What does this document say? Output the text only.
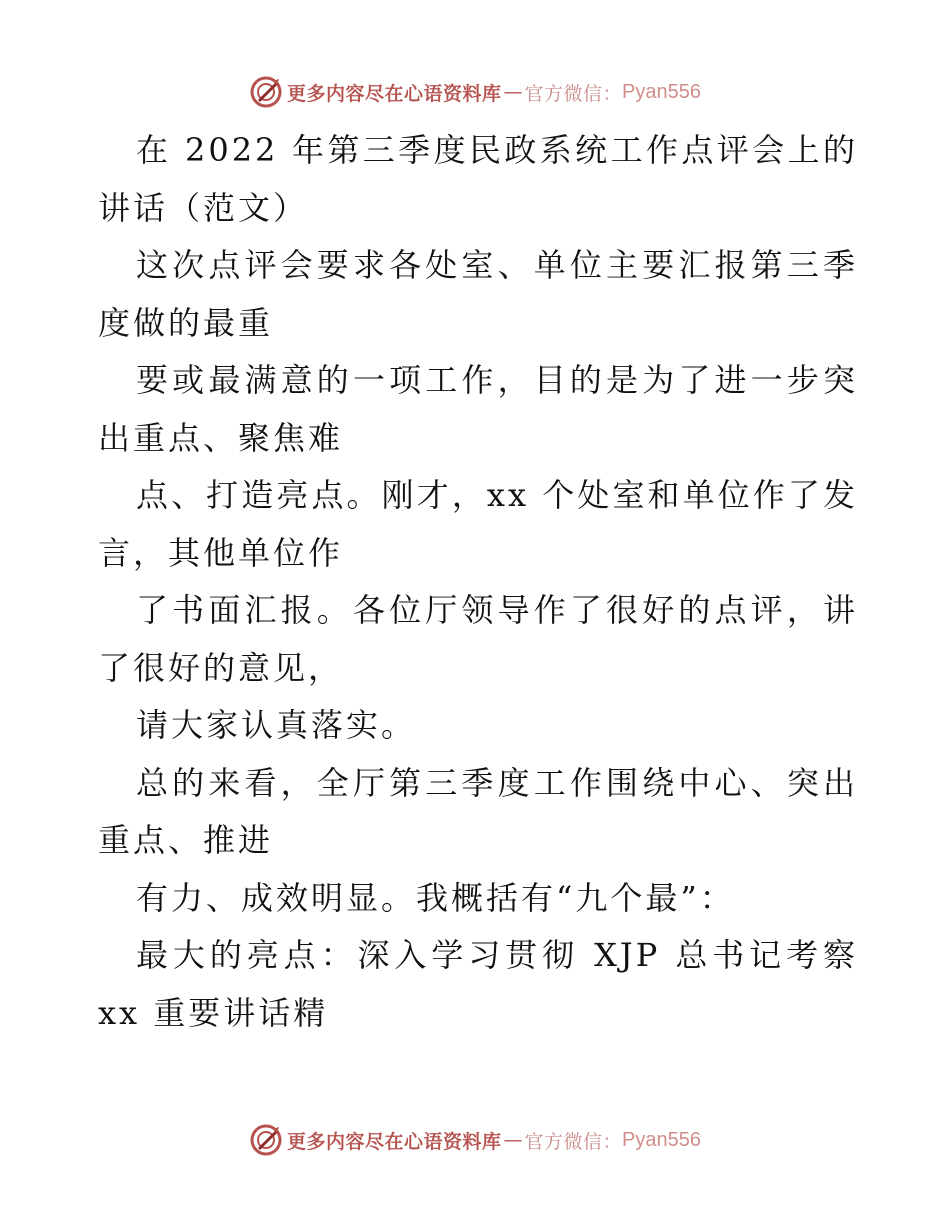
更多内容尽在心语资料库 — 官方微信： Pyan556

在 2022 年第三季度民政系统工作点评会上的讲话（范文）

这次点评会要求各处室、单位主要汇报第三季度做的最重

要或最满意的一项工作，目的是为了进一步突出重点、聚焦难

点、打造亮点。刚才，xx 个处室和单位作了发言，其他单位作

了书面汇报。各位厅领导作了很好的点评，讲了很好的意见，

请大家认真落实。

总的来看，全厅第三季度工作围绕中心、突出重点、推进

有力、成效明显。我概括有“九个最”：

最大的亮点：深入学习贯彻 XJP 总书记考察 xx 重要讲话精

更多内容尽在心语资料库 — 官方微信： Pyan556
